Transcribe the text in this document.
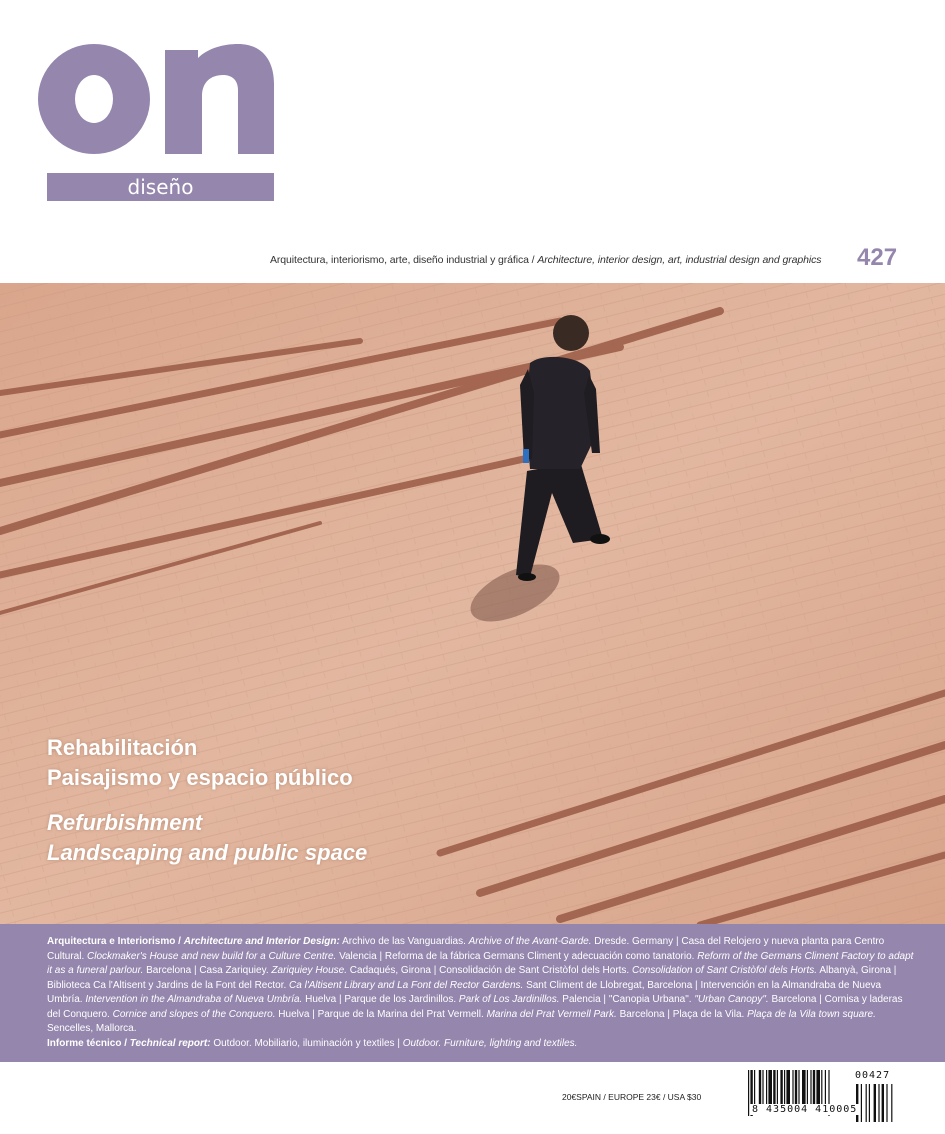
diseño
Arquitectura, interiorismo, arte, diseño industrial y gráfica / Architecture, interior design, art, industrial design and graphics	427
Rehabilitación
Paisajismo y espacio público
Refurbishment
Landscaping and public space
Arquitectura e Interiorismo / Architecture and Interior Design: Archivo de las Vanguardias. Archive of the Avant-Garde. Dresde. Germany | Casa del Relojero y nueva planta para Centro Cultural. Clockmaker's House and new build for a Culture Centre. Valencia | Reforma de la fábrica Germans Climent y adecuación como tanatorio. Reform of the Germans Climent Factory to adapt it as a funeral parlour. Barcelona | Casa Zariquiey. Zariquiey House. Cadaqués, Girona | Consolidación de Sant Cristòfol dels Horts. Consolidation of Sant Cristòfol dels Horts. Albanyà, Girona | Biblioteca Ca l'Altisent y Jardins de la Font del Rector. Ca l'Altisent Library and La Font del Rector Gardens. Sant Climent de Llobregat, Barcelona | Intervención en la Almandraba de Nueva Umbría. Intervention in the Almandraba of Nueva Umbría. Huelva | Parque de los Jardinillos. Park of Los Jardinillos. Palencia | "Canopia Urbana". "Urban Canopy". Barcelona | Cornisa y laderas del Conquero. Cornice and slopes of the Conquero. Huelva | Parque de la Marina del Prat Vermell. Marina del Prat Vermell Park. Barcelona | Plaça de la Vila. Plaça de la Vila town square. Sencelles, Mallorca.
Informe técnico / Technical report: Outdoor. Mobiliario, iluminación y textiles | Outdoor. Furniture, lighting and textiles.
20€SPAIN / EUROPE 23€ / USA $30
8 435004 410005
00427
